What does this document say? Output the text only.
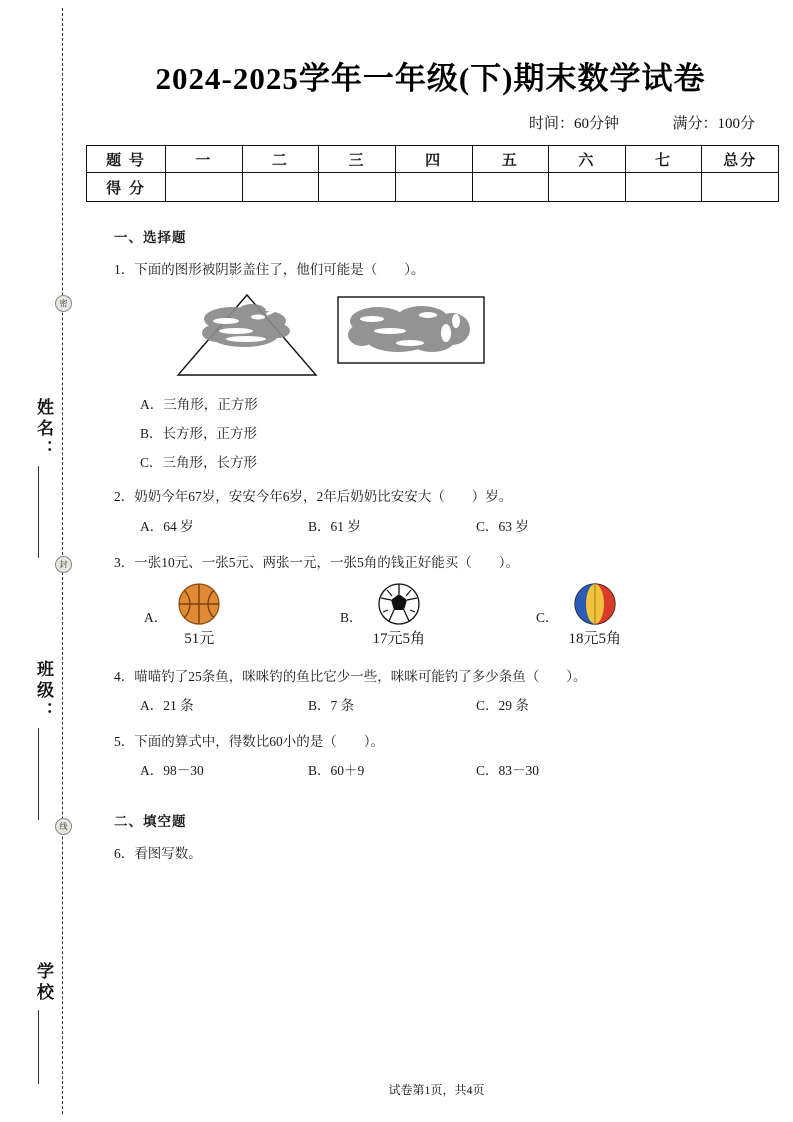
密
封
线
姓名：
班级：
学校
2024-2025学年一年级(下)期末数学试卷
时间：60分钟	满分：100分
题 号	一	二	三	四	五	六	七	总分
得 分								
一、选择题
1．下面的图形被阴影盖住了，他们可能是（　　）。
A．三角形，正方形
B．长方形，正方形
C．三角形，长方形
2．奶奶今年67岁，安安今年6岁，2年后奶奶比安安大（　　）岁。
A．64 岁	B．61 岁	C．63 岁
3．一张10元、一张5元、两张一元，一张5角的钱正好能买（　　）。
A．
51元
B．
17元5角
C．
18元5角
4．喵喵钓了25条鱼，咪咪钓的鱼比它少一些，咪咪可能钓了多少条鱼（　　）。
A．21 条	B．7 条	C．29 条
5．下面的算式中，得数比60小的是（　　）。
A．98－30	B．60＋9	C．83－30
二、填空题
6．看图写数。
试卷第1页，共4页
